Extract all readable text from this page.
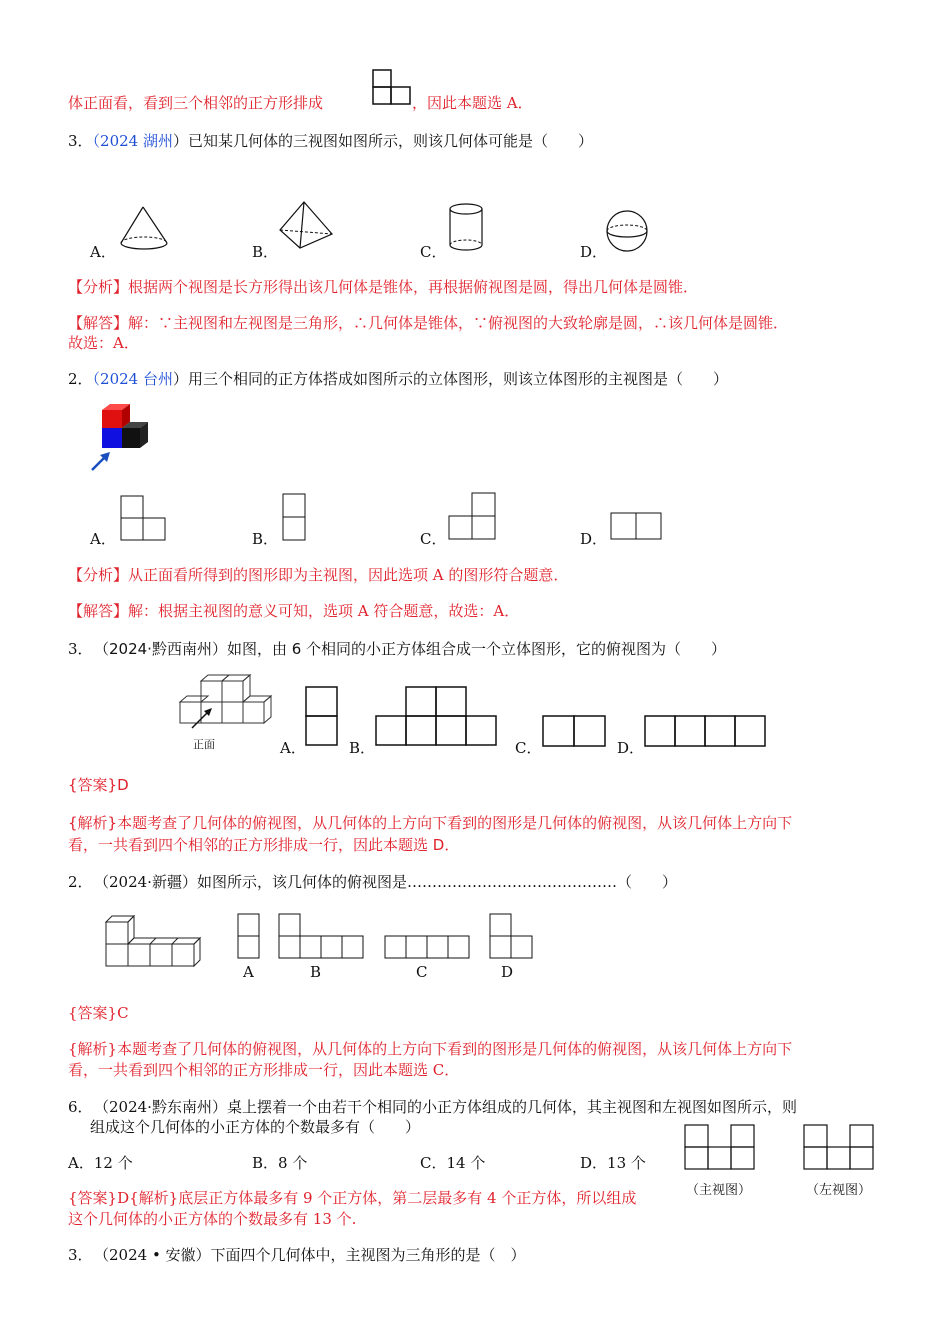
体正面看，看到三个相邻的正方形排成	，因此本题选 A．
3．（2024 湖州）已知某几何体的三视图如图所示，则该几何体可能是（　　）
A．	B．	C．	D．
【分析】根据两个视图是长方形得出该几何体是锥体，再根据俯视图是圆，得出几何体是圆锥．
【解答】解：∵主视图和左视图是三角形，∴几何体是锥体，∵俯视图的大致轮廓是圆，∴该几何体是圆锥．
故选：A．
2．（2024 台州）用三个相同的正方体搭成如图所示的立体图形，则该立体图形的主视图是（　　）
A．	B．	C．	D．
【分析】从正面看所得到的图形即为主视图，因此选项 A 的图形符合题意．
【解答】解：根据主视图的意义可知，选项 A 符合题意，故选：A．
3． （2024·黔西南州）如图，由 6 个相同的小正方体组合成一个立体图形，它的俯视图为（　　）
正面	A．	B．	C．	D．
{答案}D
{解析}本题考查了几何体的俯视图，从几何体的上方向下看到的图形是几何体的俯视图，从该几何体上方向下
看，一共看到四个相邻的正方形排成一行，因此本题选 D．
2． （2024·新疆）如图所示，该几何体的俯视图是……………………………………（　　）
A	B	C	D
{答案}C
{解析}本题考查了几何体的俯视图，从几何体的上方向下看到的图形是几何体的俯视图，从该几何体上方向下
看，一共看到四个相邻的正方形排成一行，因此本题选 C．
6． （2024·黔东南州）桌上摆着一个由若干个相同的小正方体组成的几何体，其主视图和左视图如图所示，则
组成这个几何体的小正方体的个数最多有（　　）
A．12 个	B．8 个	C．14 个	D．13 个
（主视图）	（左视图）
{答案}D{解析}底层正方体最多有 9 个正方体，第二层最多有 4 个正方体，所以组成
这个几何体的小正方体的个数最多有 13 个.
3． （2024 • 安徽）下面四个几何体中，主视图为三角形的是（　）
